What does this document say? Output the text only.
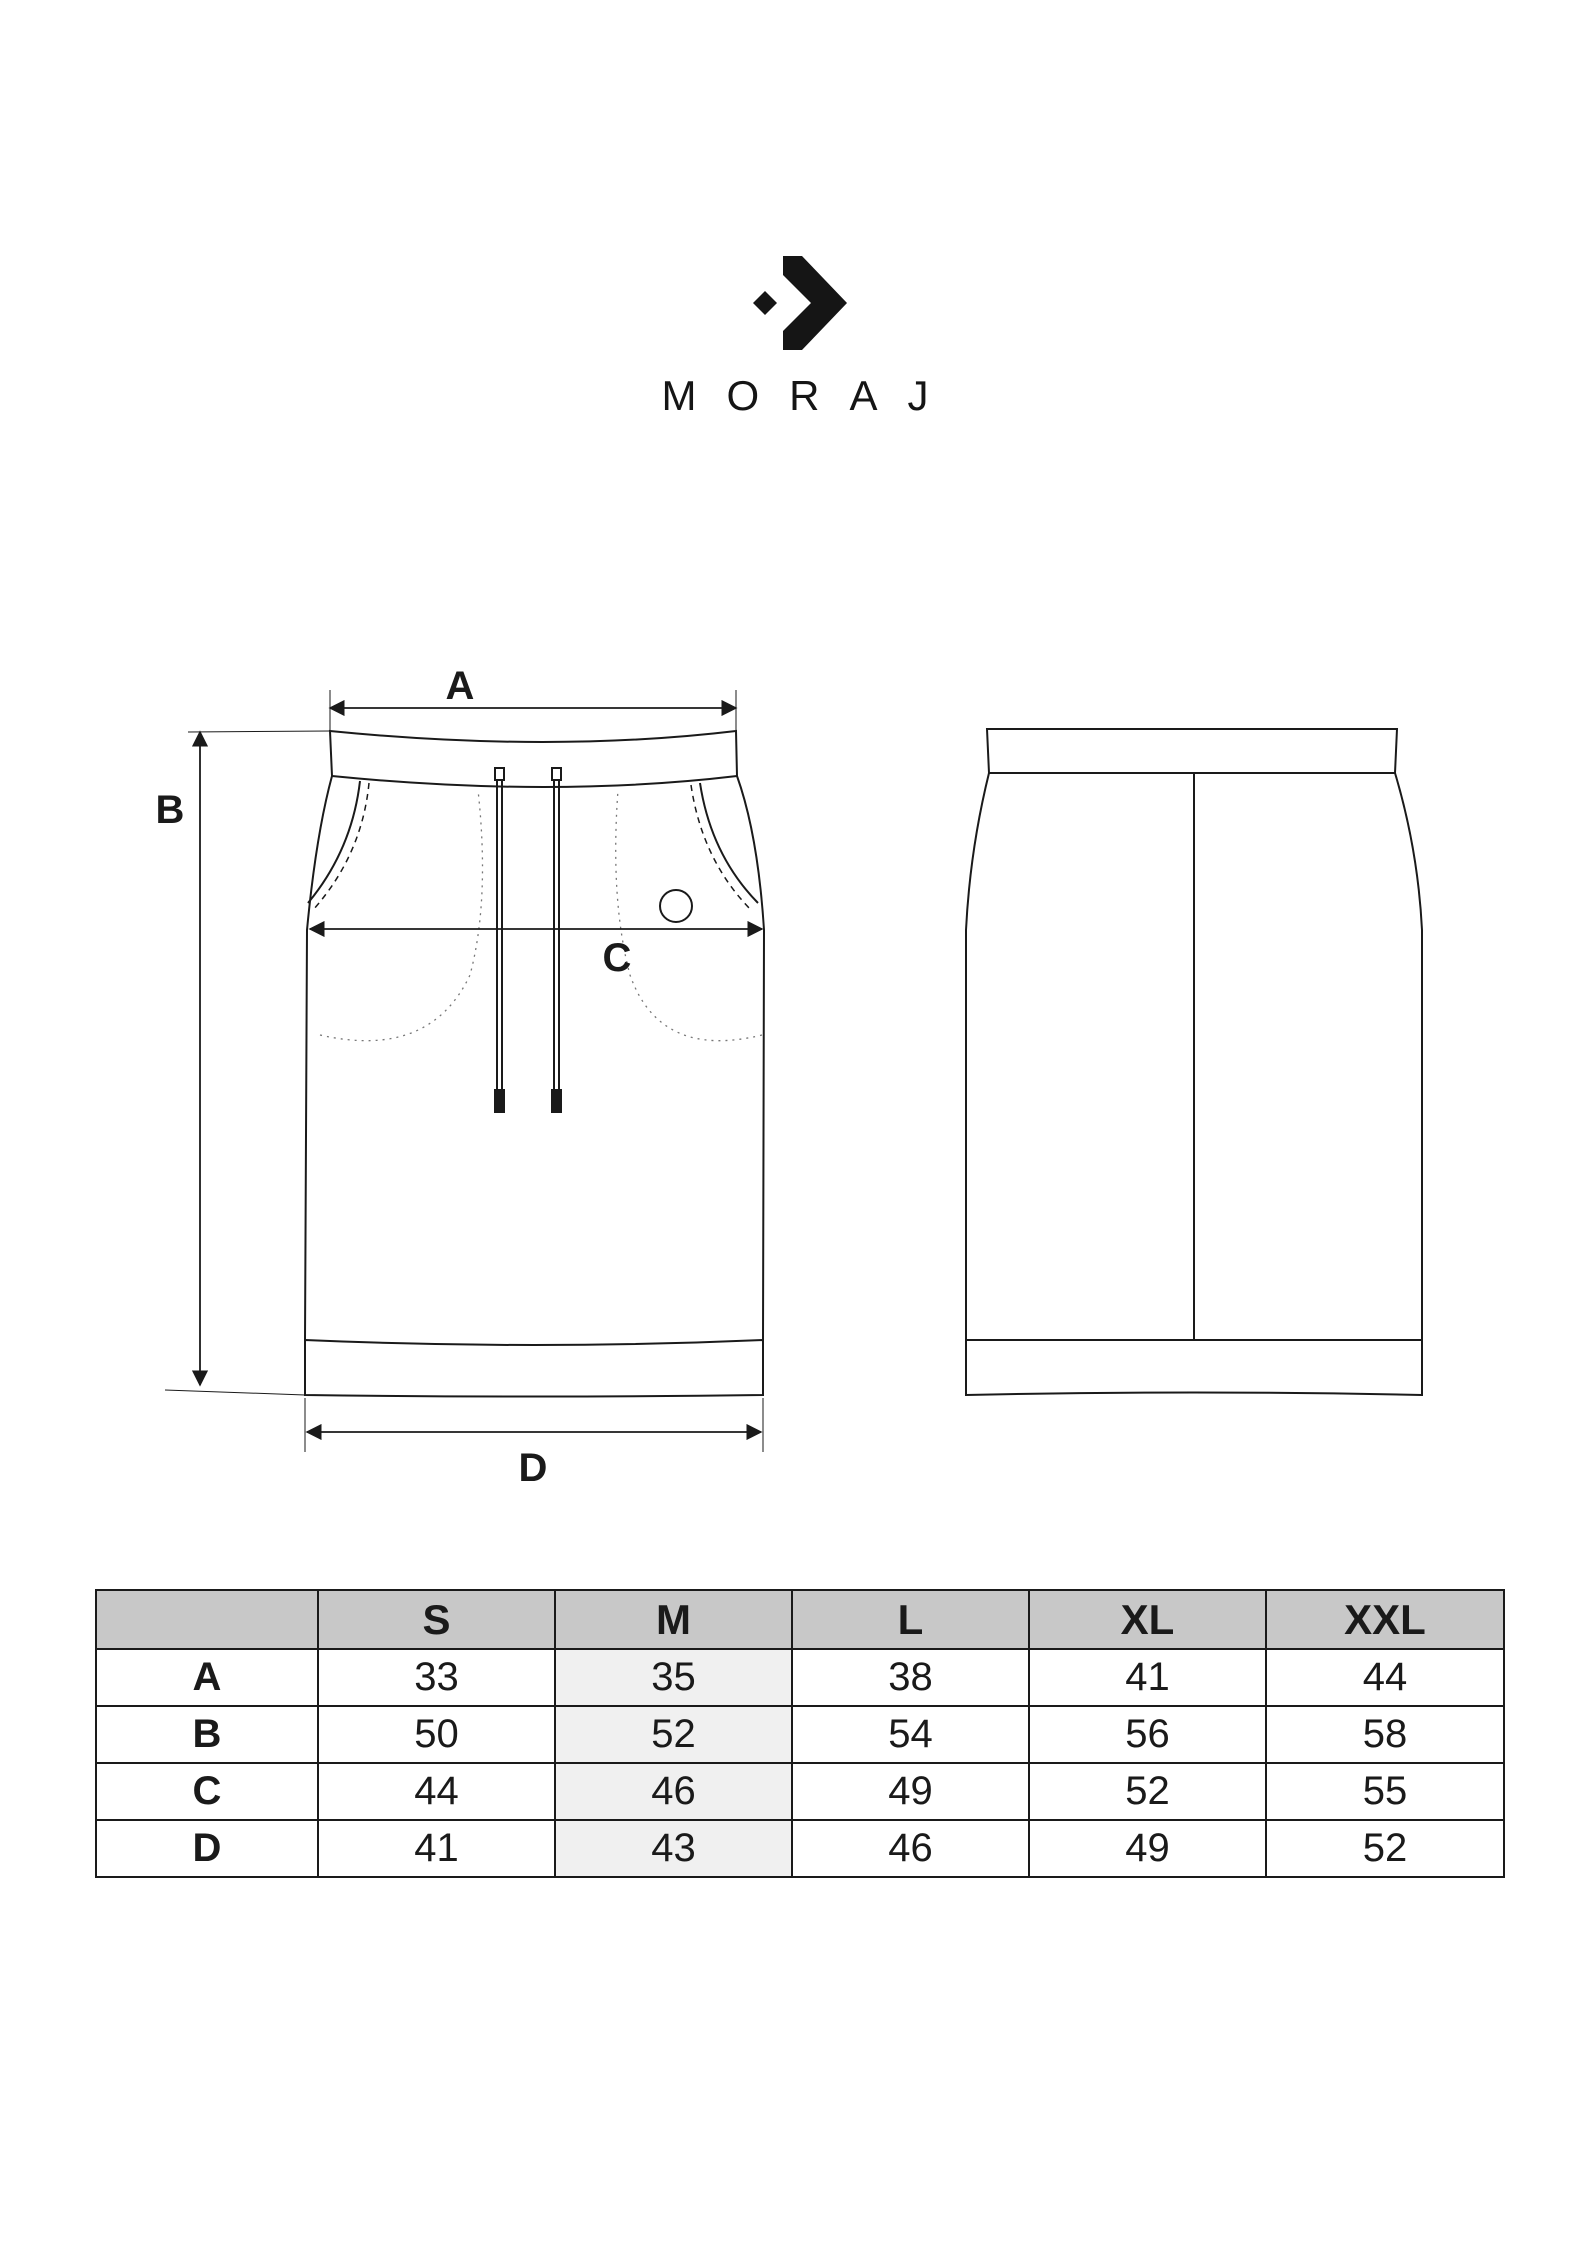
MORAJ
A
B
C
D
	S	M	L	XL	XXL
A	33	35	38	41	44
B	50	52	54	56	58
C	44	46	49	52	55
D	41	43	46	49	52
